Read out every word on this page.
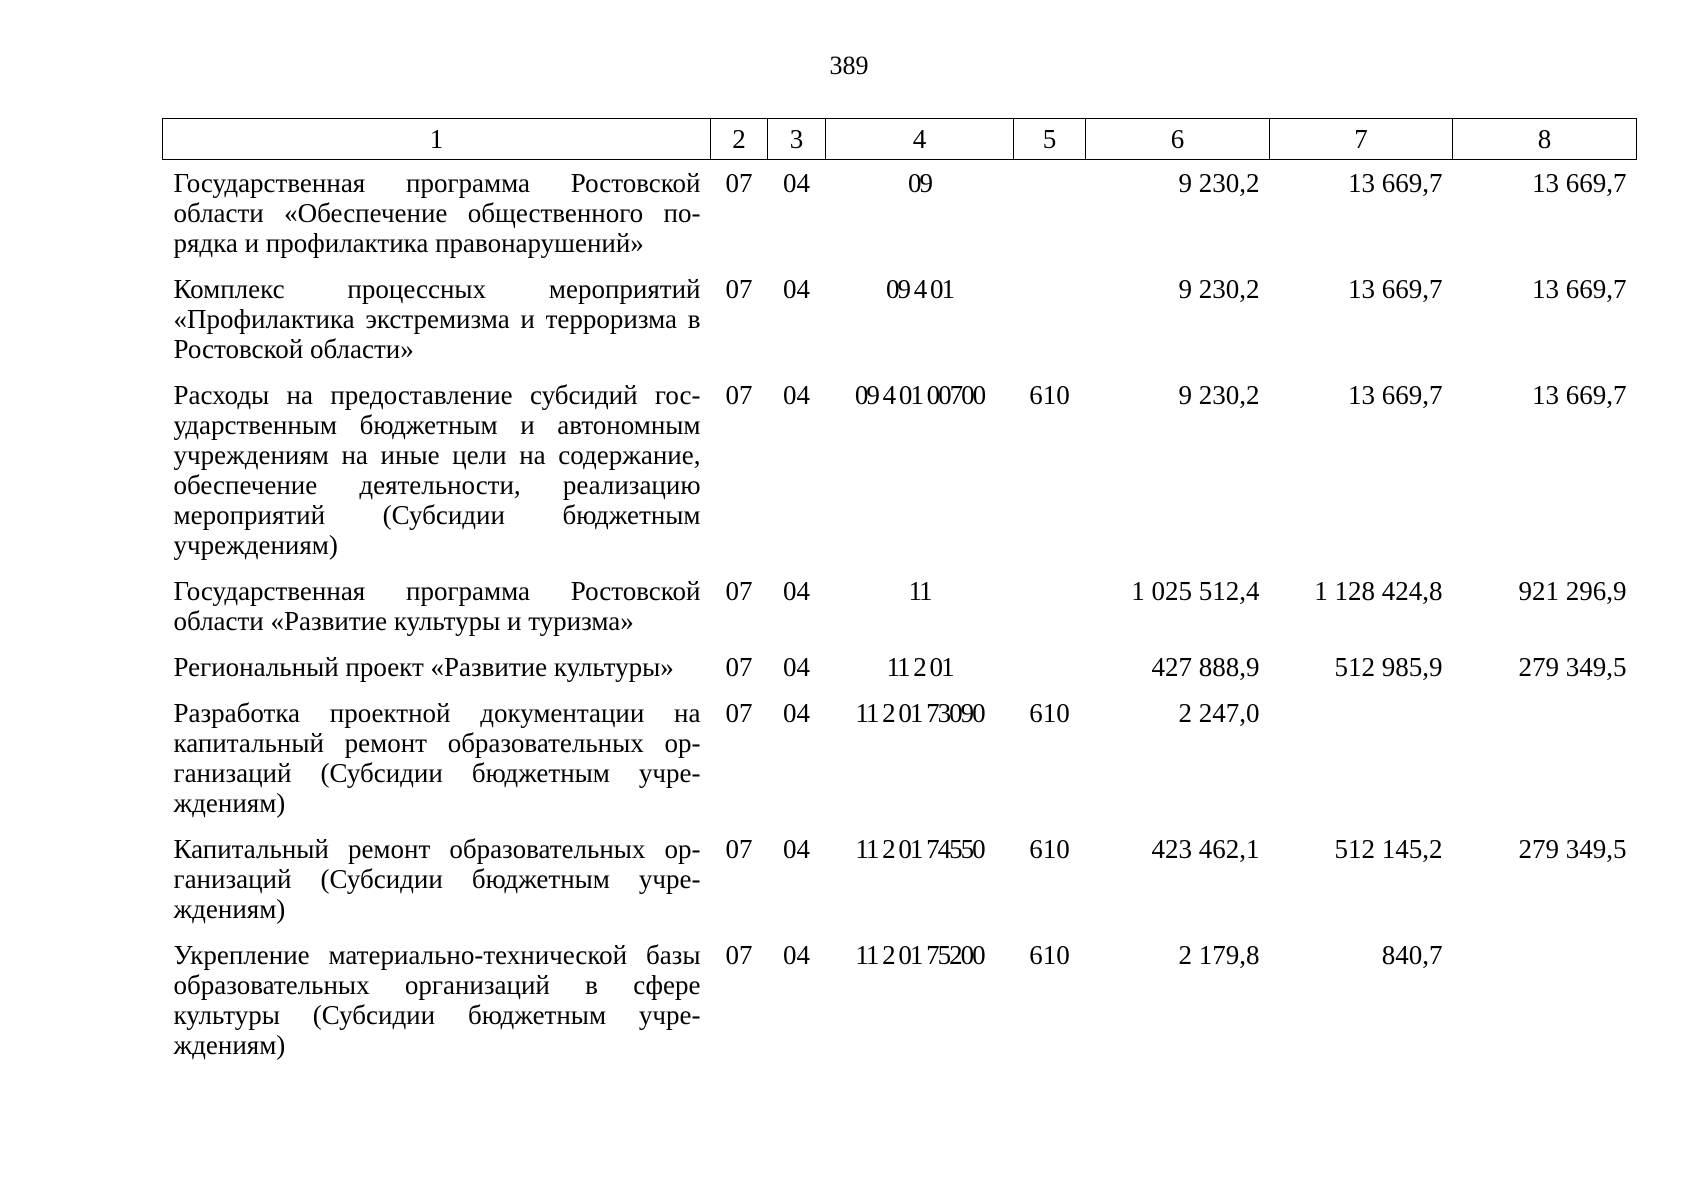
389
1	2	3	4	5	6	7	8
Государственная программа Ростовской области «Обеспечение общественного порядка и профилактика правонарушений»	07	04	09		9 230,2	13 669,7	13 669,7
Комплекс процессных мероприятий «Профилактика экстремизма и терроризма в Ростовской области»	07	04	09 4 01		9 230,2	13 669,7	13 669,7
Расходы на предоставление субсидий государственным бюджетным и автономным учреждениям на иные цели на содержание, обеспечение деятельности, реализацию мероприятий (Субсидии бюджетным учреждениям)	07	04	09 4 01 00700	610	9 230,2	13 669,7	13 669,7
Государственная программа Ростовской области «Развитие культуры и туризма»	07	04	11		1 025 512,4	1 128 424,8	921 296,9
Региональный проект «Развитие культуры»	07	04	11 2 01		427 888,9	512 985,9	279 349,5
Разработка проектной документации на капитальный ремонт образовательных организаций (Субсидии бюджетным учреждениям)	07	04	11 2 01 73090	610	2 247,0		
Капитальный ремонт образовательных организаций (Субсидии бюджетным учреждениям)	07	04	11 2 01 74550	610	423 462,1	512 145,2	279 349,5
Укрепление материально-технической базы образовательных организаций в сфере культуры (Субсидии бюджетным учреждениям)	07	04	11 2 01 75200	610	2 179,8	840,7	
